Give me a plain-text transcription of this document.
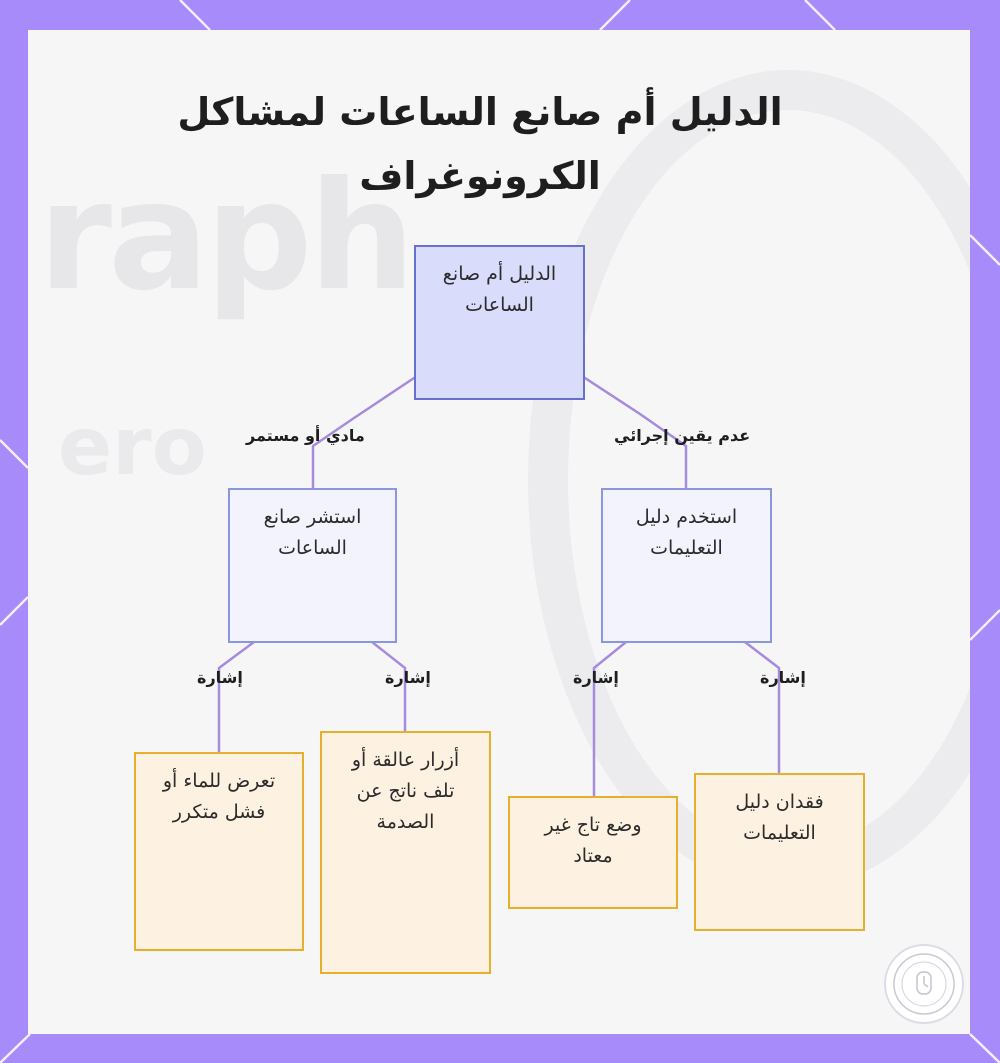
raph
ero
الدليل أم صانع الساعات لمشاكل الكرونوغراف
الدليل أم صانع الساعات
استشر صانع الساعات
استخدم دليل التعليمات
تعرض للماء أو فشل متكرر
أزرار عالقة أو تلف ناتج عن الصدمة	وضع تاج غير معتاد
فقدان دليل التعليمات
مادي أو مستمر	عدم يقين إجرائي
إشارة	إشارة	إشارة	إشارة
